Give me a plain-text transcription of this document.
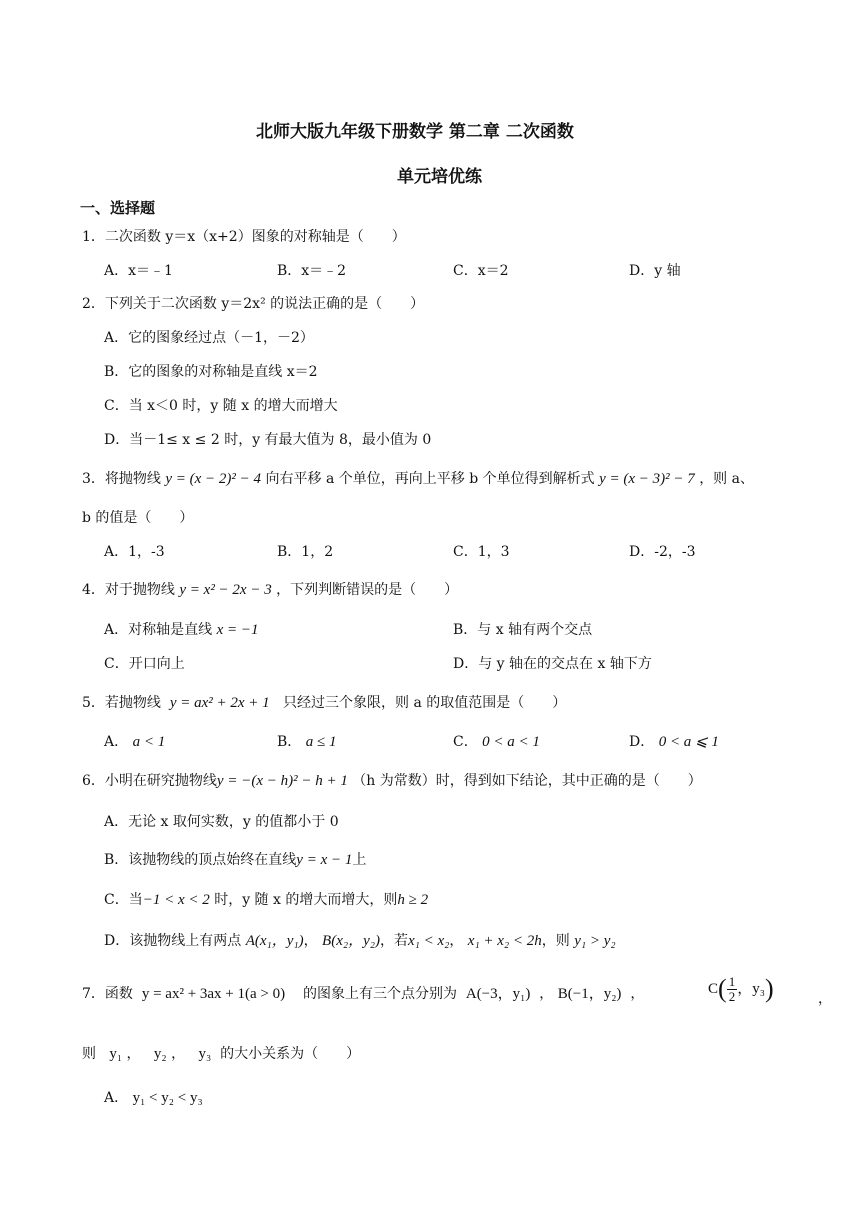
北师大版九年级下册数学 第二章 二次函数
单元培优练
一、选择题
1．二次函数 y＝x（x+2）图象的对称轴是（　　）
A．x＝﹣1	B．x＝﹣2	C．x＝2	D．y 轴
2．下列关于二次函数 y＝2x² 的说法正确的是（　　）
A．它的图象经过点（－1，－2）
B．它的图象的对称轴是直线 x＝2
C．当 x＜0 时，y 随 x 的增大而增大
D．当－1≤ x ≤ 2 时，y 有最大值为 8，最小值为 0
3．将抛物线 y = (x − 2)² − 4 向右平移 a 个单位，再向上平移 b 个单位得到解析式 y = (x − 3)² − 7 ，则 a、
b 的值是（　　）
A．1，-3	B．1，2	C．1，3	D．-2，-3
4．对于抛物线 y = x² − 2x − 3 ，下列判断错误的是（　　）
A．对称轴是直线 x = −1	B．与 x 轴有两个交点
C．开口向上	D．与 y 轴在的交点在 x 轴下方
5．若抛物线 y = ax² + 2x + 1 只经过三个象限，则 a 的取值范围是（　　）
A． a < 1	B． a ≤ 1	C． 0 < a < 1	D． 0 < a ⩽ 1
6．小明在研究抛物线y = −(x − h)² − h + 1 （h 为常数）时，得到如下结论，其中正确的是（　　）
A．无论 x 取何实数，y 的值都小于 0
B．该抛物线的顶点始终在直线y = x − 1上
C．当−1 < x < 2 时，y 随 x 的增大而增大，则h ≥ 2
D．该抛物线上有两点 A(x₁，y₁)， B(x₂，y₂)，若x₁ < x₂， x₁ + x₂ < 2h，则 y₁ > y₂
7．函数 y = ax² + 3ax + 1(a > 0) 的图象上有三个点分别为 A(−3，y₁)  ， B(−1，y₂)  ，	$C( \frac{1}{2}$ ，y₃)	，
则 y₁ ，   y₂ ，   y₃ 的大小关系为（　　）
A． y₁ < y₂ < y₃
